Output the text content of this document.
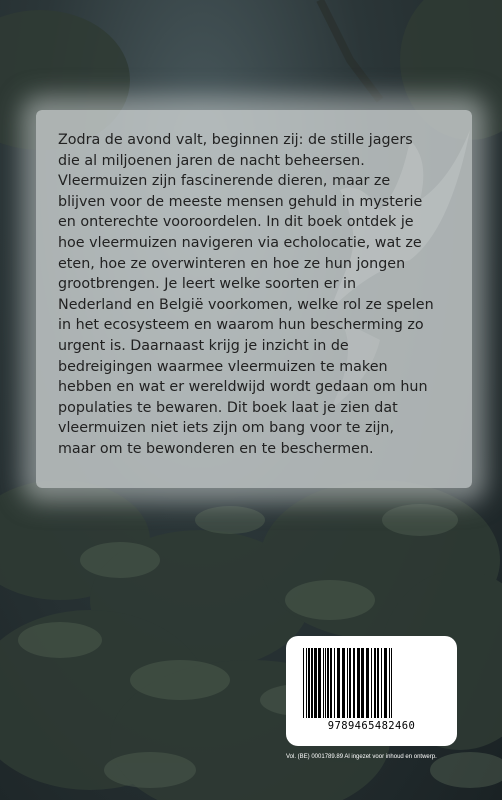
Zodra de avond valt, beginnen zij: de stille jagers
die al miljoenen jaren de nacht beheersen.
Vleermuizen zijn fascinerende dieren, maar ze
blijven voor de meeste mensen gehuld in mysterie
en onterechte vooroordelen. In dit boek ontdek je
hoe vleermuizen navigeren via echolocatie, wat ze
eten, hoe ze overwinteren en hoe ze hun jongen
grootbrengen. Je leert welke soorten er in
Nederland en België voorkomen, welke rol ze spelen
in het ecosysteem en waarom hun bescherming zo
urgent is. Daarnaast krijg je inzicht in de
bedreigingen waarmee vleermuizen te maken
hebben en wat er wereldwijd wordt gedaan om hun
populaties te bewaren. Dit boek laat je zien dat
vleermuizen niet iets zijn om bang voor te zijn,
maar om te bewonderen en te beschermen.

9789465482460
Vol. (BE) 0001789.89 Al ingezet voor inhoud en ontwerp.
